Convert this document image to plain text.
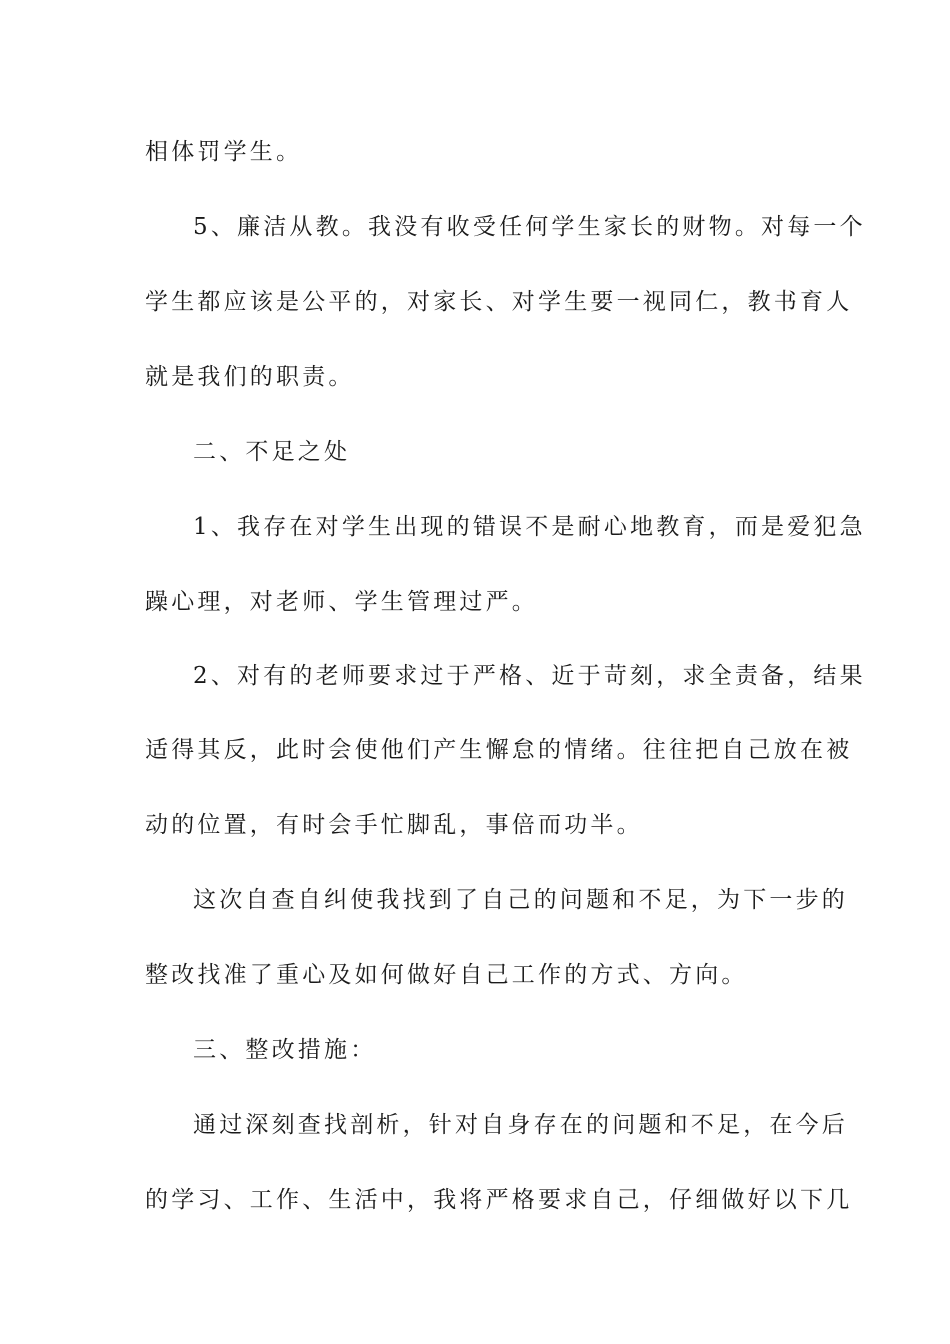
相体罚学生。
5、廉洁从教。我没有收受任何学生家长的财物。对每一个
学生都应该是公平的，对家长、对学生要一视同仁，教书育人
就是我们的职责。
二、不足之处
1、我存在对学生出现的错误不是耐心地教育，而是爱犯急
躁心理，对老师、学生管理过严。
2、对有的老师要求过于严格、近于苛刻，求全责备，结果
适得其反，此时会使他们产生懈怠的情绪。往往把自己放在被
动的位置，有时会手忙脚乱，事倍而功半。
这次自查自纠使我找到了自己的问题和不足，为下一步的
整改找准了重心及如何做好自己工作的方式、方向。
三、整改措施：
通过深刻查找剖析，针对自身存在的问题和不足，在今后
的学习、工作、生活中，我将严格要求自己，仔细做好以下几
